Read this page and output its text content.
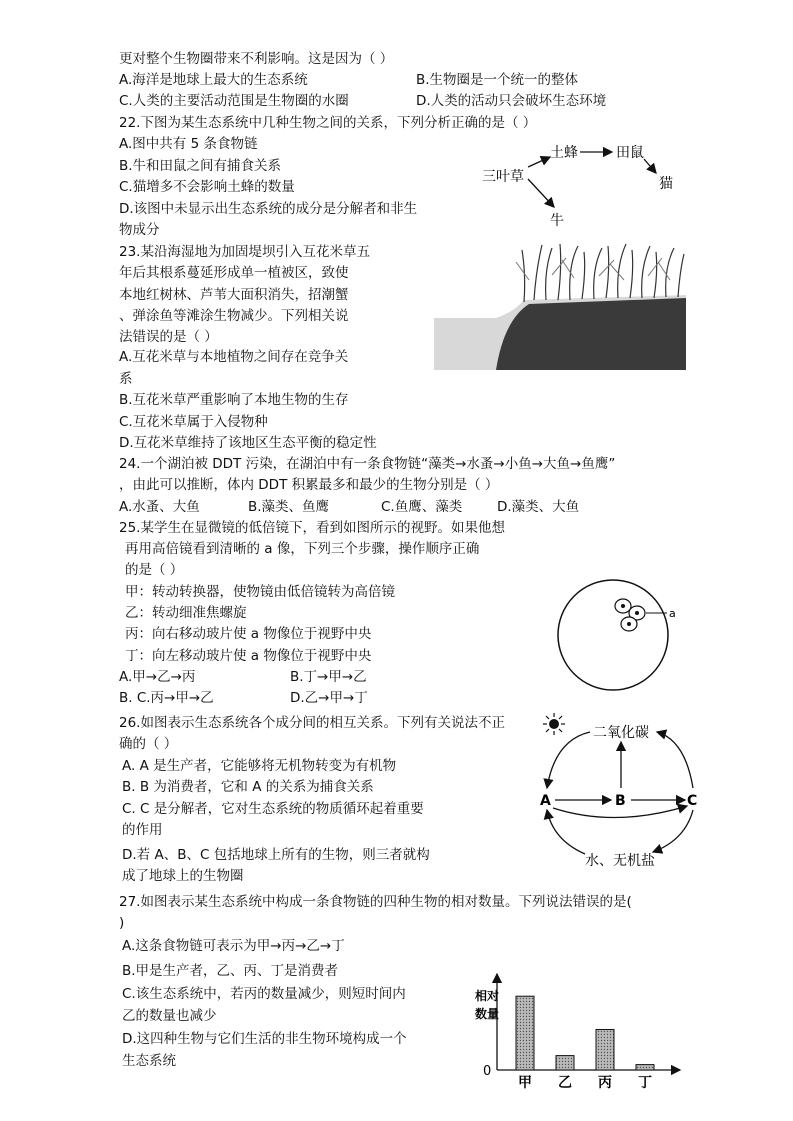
更对整个生物圈带来不利影响。这是因为（ ）
A.海洋是地球上最大的生态系统	B.生物圈是一个统一的整体
C.人类的主要活动范围是生物圈的水圈	D.人类的活动只会破坏生态环境
22.下图为某生态系统中几种生物之间的关系，下列分析正确的是（ ）
A.图中共有 5 条食物链
B.牛和田鼠之间有捕食关系
C.猫增多不会影响土蜂的数量
D.该图中未显示出生态系统的成分是分解者和非生
物成分
三叶草
土蜂	田鼠
猫
牛
23.某沿海湿地为加固堤坝引入互花米草五
年后其根系蔓延形成单一植被区，致使
本地红树林、芦苇大面积消失，招潮蟹
、弹涂鱼等滩涂生物减少。下列相关说
法错误的是（ ）
A.互花米草与本地植物之间存在竞争关
系
B.互花米草严重影响了本地生物的生存
C.互花米草属于入侵物种
D.互花米草维持了该地区生态平衡的稳定性
24.一个湖泊被 DDT 污染，在湖泊中有一条食物链“藻类→水蚤→小鱼→大鱼→鱼鹰”
，由此可以推断，体内 DDT 积累最多和最少的生物分别是（ ）
A.水蚤、大鱼	B.藻类、鱼鹰	C.鱼鹰、藻类	D.藻类、大鱼
25.某学生在显微镜的低倍镜下，看到如图所示的视野。如果他想
再用高倍镜看到清晰的 a 像，下列三个步骤，操作顺序正确
的是（ ）
甲：转动转换器，使物镜由低倍镜转为高倍镜
乙：转动细准焦螺旋
丙：向右移动玻片使 a 物像位于视野中央
丁：向左移动玻片使 a 物像位于视野中央
A.甲→乙→丙	B.丁→甲→乙
B. C.丙→甲→乙	D.乙→甲→丁
a
26.如图表示生态系统各个成分间的相互关系。下列有关说法不正
确的（ ）
A. A 是生产者，它能够将无机物转变为有机物
B. B 为消费者，它和 A 的关系为捕食关系
C. C 是分解者，它对生态系统的物质循环起着重要
的作用
D.若 A、B、C 包括地球上所有的生物，则三者就构
成了地球上的生物圈
二氧化碳
A	B	C
水、无机盐
27.如图表示某生态系统中构成一条食物链的四种生物的相对数量。下列说法错误的是(
)
A.这条食物链可表示为甲→丙→乙→丁
B.甲是生产者，乙、丙、丁是消费者
C.该生态系统中，若丙的数量减少，则短时间内
乙的数量也减少
D.这四种生物与它们生活的非生物环境构成一个
生态系统
相 对
数 量
0
甲 乙 丙 丁
